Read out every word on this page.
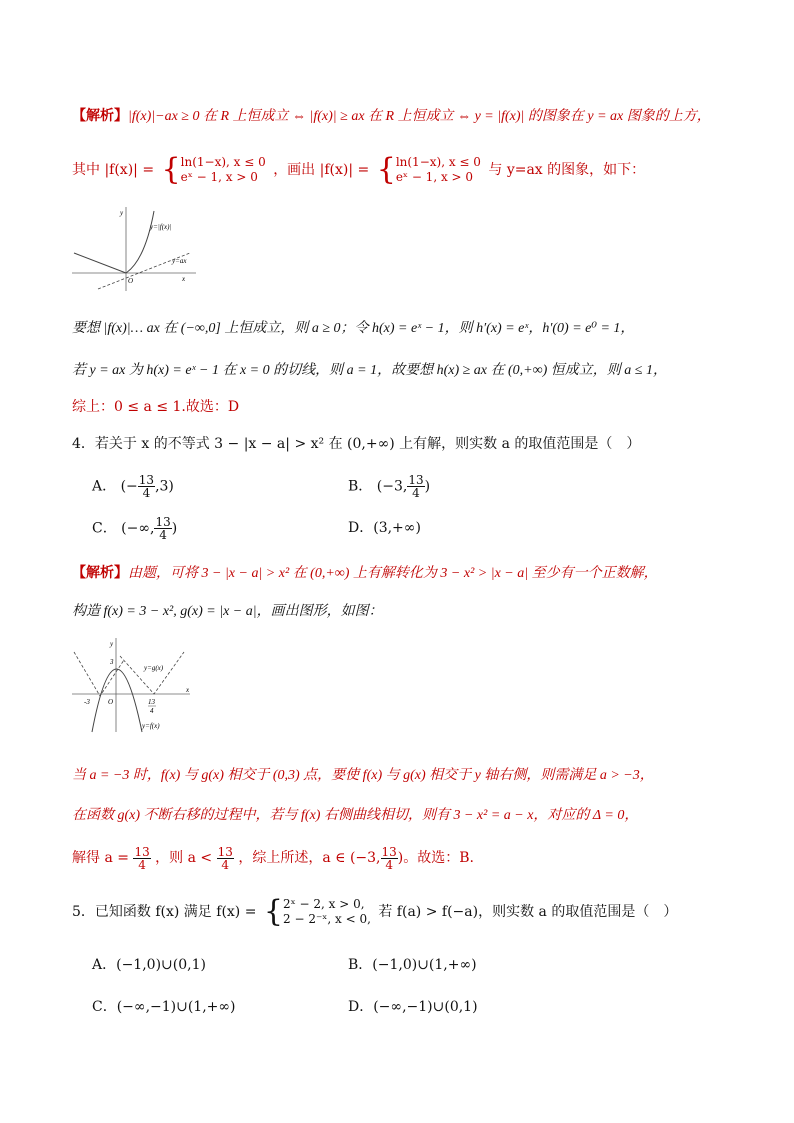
【解析】|f(x)|−ax ≥ 0 在 R 上恒成立 ⇔ |f(x)| ≥ ax 在 R 上恒成立 ⇔ y = |f(x)| 的图象在 y = ax 图象的上方，
其中 |f(x)| = { ln(1−x), x ≤ 0
eˣ − 1, x > 0	，画出 |f(x)| = { ln(1−x), x ≤ 0
eˣ − 1, x > 0	与 y=ax 的图象，如下：
y
x
O
y=|f(x)|
y=ax
要想 |f(x)|… ax 在 (−∞,0] 上恒成立，则 a ≥ 0；令 h(x) = eˣ − 1，则 h′(x) = eˣ，h′(0) = e⁰ = 1，
若 y = ax 为 h(x) = eˣ − 1 在 x = 0 的切线，则 a = 1，故要想 h(x) ≥ ax 在 (0,+∞) 恒成立，则 a ≤ 1，
综上：0 ≤ a ≤ 1.故选：D
4．若关于 x 的不等式 3 − |x − a| > x² 在 (0,+∞) 上有解，则实数 a 的取值范围是（　）
A． (− $\frac{13}{4} ,3$)	B． (−3, $\frac{13}{4}$ )
C． (−∞, $\frac{13}{4}$ )	D．(3,+∞)
【解析】由题，可将 3 − |x − a| > x² 在 (0,+∞) 上有解转化为 3 − x² > |x − a| 至少有一个正数解，
构造 f(x) = 3 − x², g(x) = |x − a|，画出图形，如图：
y
x
O
3
-3	13
4
y=g(x)
y=f(x)
当 a = −3 时，f(x) 与 g(x) 相交于 (0,3) 点，要使 f(x) 与 g(x) 相交于 y 轴右侧，则需满足 a > −3，
在函数 g(x) 不断右移的过程中，若与 f(x) 右侧曲线相切，则有 3 − x² = a − x，对应的 Δ = 0，
解得 $a = \frac{13}{4}$ ，则 $a < \frac{13}{4}$ ，综上所述，a ∈ (−3, $\frac{13}{4}$ )。故选：B.
5．已知函数 f(x) 满足 f(x) = { 2ˣ − 2, x > 0,
2 − 2⁻ˣ, x < 0, 若 f(a) > f(−a)，则实数 a 的取值范围是（　）
A．(−1,0)∪(0,1)	B．(−1,0)∪(1,+∞)
C．(−∞,−1)∪(1,+∞)	D．(−∞,−1)∪(0,1)
